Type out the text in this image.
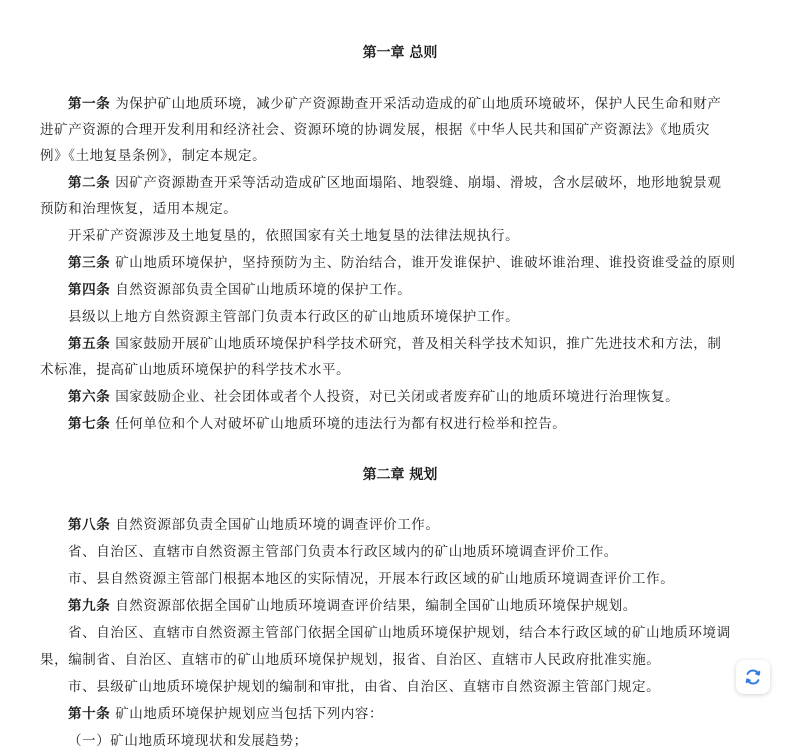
第一章 总则
第一条 为保护矿山地质环境，减少矿产资源勘查开采活动造成的矿山地质环境破坏，保护人民生命和财产
进矿产资源的合理开发利用和经济社会、资源环境的协调发展，根据《中华人民共和国矿产资源法》《地质灾
例》《土地复垦条例》，制定本规定。
第二条 因矿产资源勘查开采等活动造成矿区地面塌陷、地裂缝、崩塌、滑坡，含水层破坏，地形地貌景观
预防和治理恢复，适用本规定。
开采矿产资源涉及土地复垦的，依照国家有关土地复垦的法律法规执行。
第三条 矿山地质环境保护，坚持预防为主、防治结合，谁开发谁保护、谁破坏谁治理、谁投资谁受益的原则
第四条 自然资源部负责全国矿山地质环境的保护工作。
县级以上地方自然资源主管部门负责本行政区的矿山地质环境保护工作。
第五条 国家鼓励开展矿山地质环境保护科学技术研究，普及相关科学技术知识，推广先进技术和方法，制
术标准，提高矿山地质环境保护的科学技术水平。
第六条 国家鼓励企业、社会团体或者个人投资，对已关闭或者废弃矿山的地质环境进行治理恢复。
第七条 任何单位和个人对破坏矿山地质环境的违法行为都有权进行检举和控告。
第二章 规划
第八条 自然资源部负责全国矿山地质环境的调查评价工作。
省、自治区、直辖市自然资源主管部门负责本行政区域内的矿山地质环境调查评价工作。
市、县自然资源主管部门根据本地区的实际情况，开展本行政区域的矿山地质环境调查评价工作。
第九条 自然资源部依据全国矿山地质环境调查评价结果，编制全国矿山地质环境保护规划。
省、自治区、直辖市自然资源主管部门依据全国矿山地质环境保护规划，结合本行政区域的矿山地质环境调
果，编制省、自治区、直辖市的矿山地质环境保护规划，报省、自治区、直辖市人民政府批准实施。
市、县级矿山地质环境保护规划的编制和审批，由省、自治区、直辖市自然资源主管部门规定。
第十条 矿山地质环境保护规划应当包括下列内容：
（一）矿山地质环境现状和发展趋势；
